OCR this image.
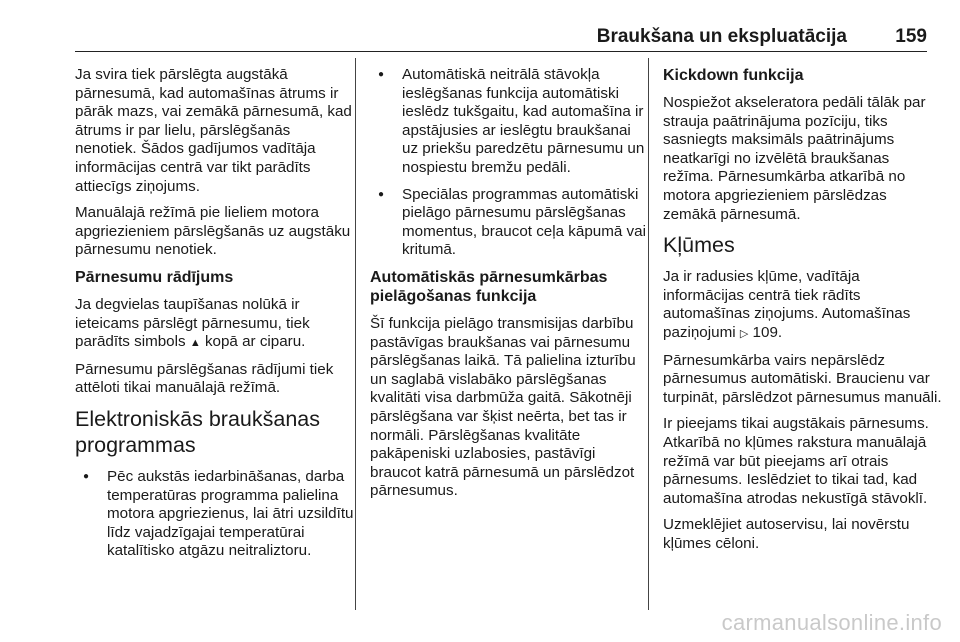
Braukšana un ekspluatācija	159

Ja svira tiek pārslēgta augstākā pārnesumā, kad automašīnas ātrums ir pārāk mazs, vai zemākā pārnesumā, kad ātrums ir par lielu, pārslēgšanās nenotiek. Šādos gadījumos vadītāja informācijas centrā var tikt parādīts attiecīgs ziņojums.

Manuālajā režīmā pie lieliem motora apgriezieniem pārslēgšanās uz augstāku pārnesumu nenotiek.

Pārnesumu rādījums

Ja degvielas taupīšanas nolūkā ir ieteicams pārslēgt pārnesumu, tiek parādīts simbols ▲ kopā ar ciparu.

Pārnesumu pārslēgšanas rādījumi tiek attēloti tikai manuālajā režīmā.

Elektroniskās braukšanas programmas
● Pēc aukstās iedarbināšanas, darba temperatūras programma palielina motora apgriezienus, lai ātri uzsildītu līdz vajadzīgajai temperatūrai katalītisko atgāzu neitraliztoru.
● Automātiskā neitrālā stāvokļa ieslēgšanas funkcija automātiski ieslēdz tukšgaitu, kad automašīna ir apstājusies ar ieslēgtu braukšanai uz priekšu paredzētu pārnesumu un nospiestu bremžu pedāli.
● Speciālas programmas automātiski pielāgo pārnesumu pārslēgšanas momentus, braucot ceļa kāpumā vai kritumā.
Automātiskās pārnesumkārbas pielāgošanas funkcija

Šī funkcija pielāgo transmisijas darbību pastāvīgas braukšanas vai pārnesumu pārslēgšanas laikā. Tā palielina izturību un saglabā vislabāko pārslēgšanas kvalitāti visa darbmūža gaitā. Sākotnēji pārslēgšana var šķist neērta, bet tas ir normāli. Pārslēgšanas kvalitāte pakāpeniski uzlabosies, pastāvīgi braucot katrā pārnesumā un pārslēdzot pārnesumus.

Kickdown funkcija

Nospiežot akseleratora pedāli tālāk par strauja paātrinājuma pozīciju, tiks sasniegts maksimāls paātrinājums neatkarīgi no izvēlētā braukšanas režīma. Pārnesumkārba atkarībā no motora apgriezieniem pārslēdzas zemākā pārnesumā.

Kļūmes

Ja ir radusies kļūme, vadītāja informācijas centrā tiek rādīts automašīnas ziņojums. Automašīnas paziņojumi ▷ 109.

Pārnesumkārba vairs nepārslēdz pārnesumus automātiski. Braucienu var turpināt, pārslēdzot pārnesumus manuāli.

Ir pieejams tikai augstākais pārnesums. Atkarībā no kļūmes rakstura manuālajā režīmā var būt pieejams arī otrais pārnesums. Ieslēdziet to tikai tad, kad automašīna atrodas nekustīgā stāvoklī.

Uzmeklējiet autoservisu, lai novērstu kļūmes cēloni.

carmanualsonline.info
